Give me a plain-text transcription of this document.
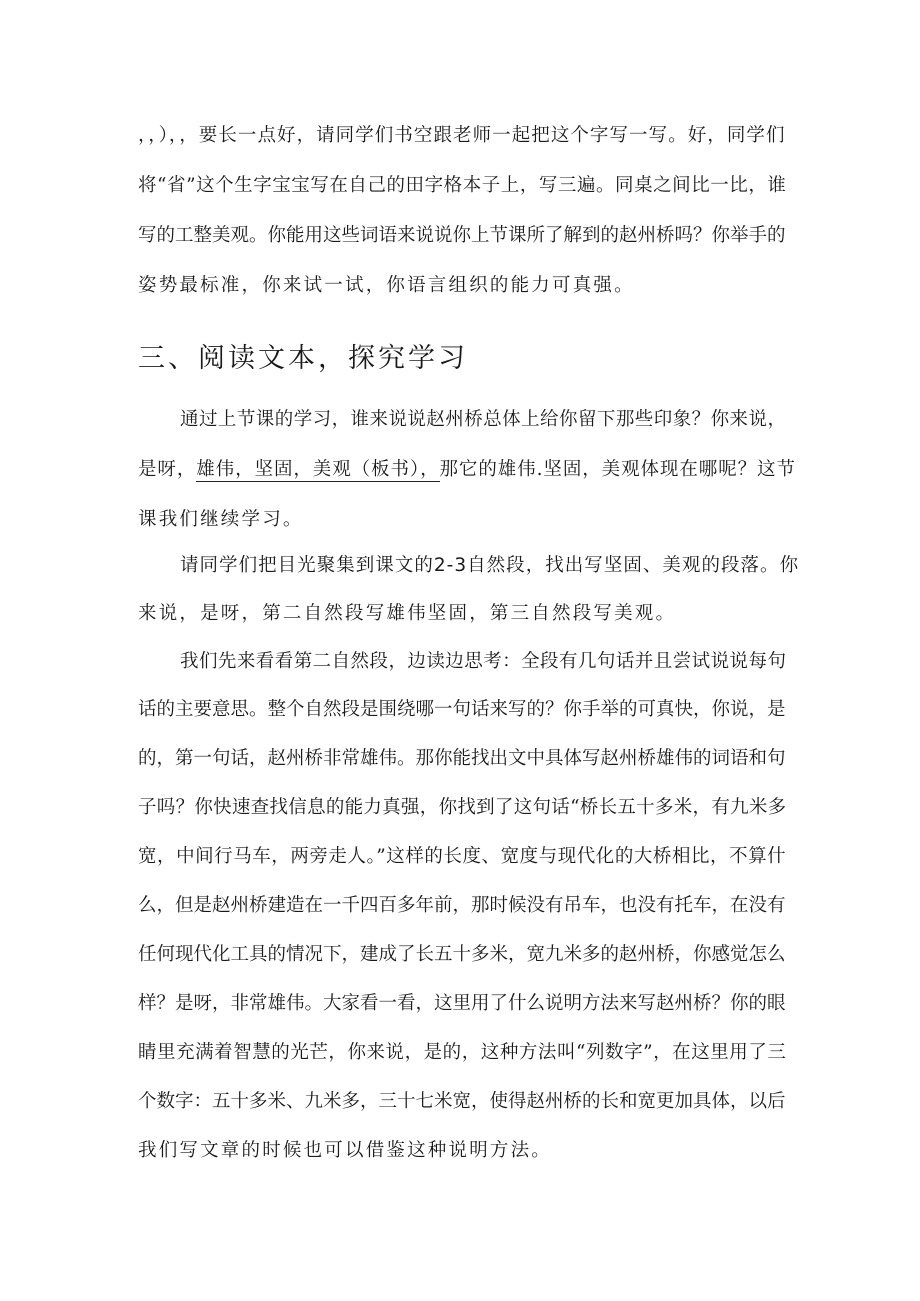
，，），，要长一点好，请同学们书空跟老师一起把这个字写一写。好，同学们
将“省”这个生字宝宝写在自己的田字格本子上，写三遍。同桌之间比一比，谁
写的工整美观。你能用这些词语来说说你上节课所了解到的赵州桥吗？你举手的
姿势最标准，你来试一试，你语言组织的能力可真强。
三、阅读文本，探究学习
通过上节课的学习，谁来说说赵州桥总体上给你留下那些印象？你来说，
是呀，雄伟，坚固，美观（板书），那它的雄伟.坚固，美观体现在哪呢？这节
课我们继续学习。
请同学们把目光聚集到课文的2-3自然段，找出写坚固、美观的段落。你
来说，是呀，第二自然段写雄伟坚固，第三自然段写美观。
我们先来看看第二自然段，边读边思考：全段有几句话并且尝试说说每句
话的主要意思。整个自然段是围绕哪一句话来写的？你手举的可真快，你说，是
的，第一句话，赵州桥非常雄伟。那你能找出文中具体写赵州桥雄伟的词语和句
子吗？你快速查找信息的能力真强，你找到了这句话“桥长五十多米，有九米多
宽，中间行马车，两旁走人。”这样的长度、宽度与现代化的大桥相比，不算什
么，但是赵州桥建造在一千四百多年前，那时候没有吊车，也没有托车，在没有
任何现代化工具的情况下，建成了长五十多米，宽九米多的赵州桥，你感觉怎么
样？是呀，非常雄伟。大家看一看，这里用了什么说明方法来写赵州桥？你的眼
睛里充满着智慧的光芒，你来说，是的，这种方法叫“列数字”，在这里用了三
个数字：五十多米、九米多，三十七米宽，使得赵州桥的长和宽更加具体，以后
我们写文章的时候也可以借鉴这种说明方法。
